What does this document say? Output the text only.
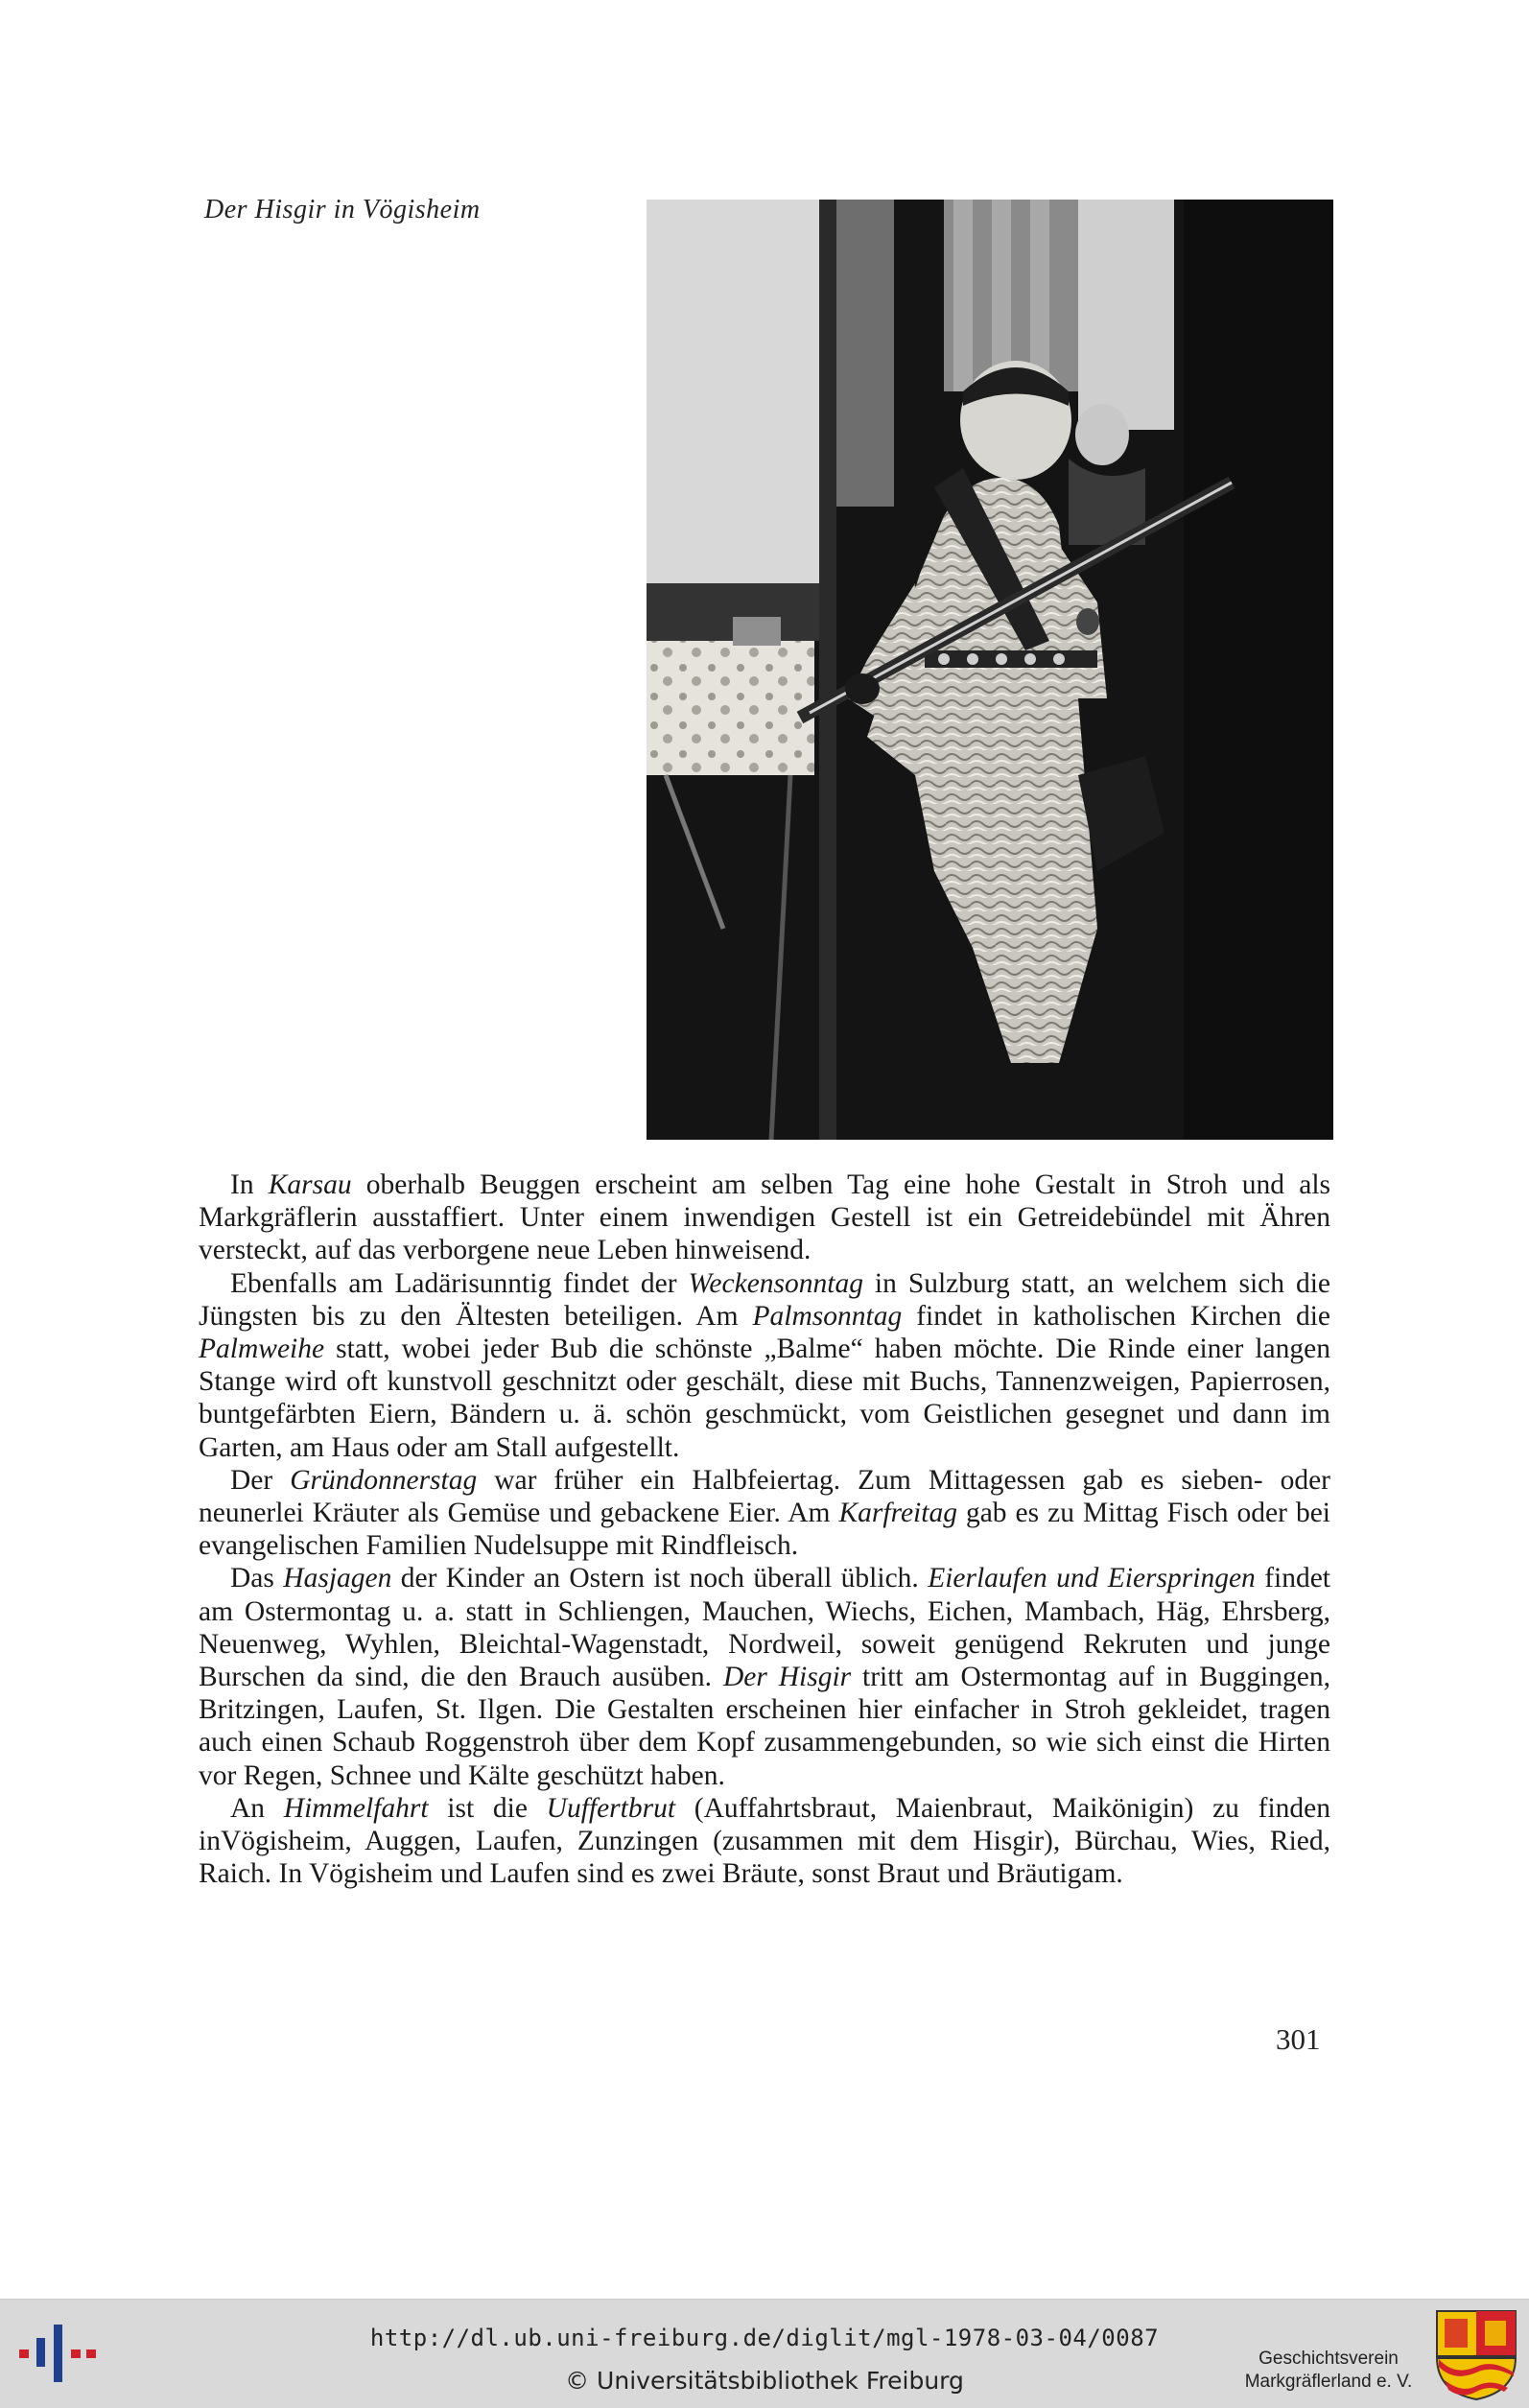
Der Hisgir in Vögisheim

In Karsau oberhalb Beuggen erscheint am selben Tag eine hohe Gestalt in Stroh und als Markgräflerin ausstaffiert. Unter einem inwendigen Gestell ist ein Getreidebündel mit Ähren versteckt, auf das verborgene neue Leben hinweisend.

Ebenfalls am Ladärisunntig findet der Weckensonntag in Sulzburg statt, an welchem sich die Jüngsten bis zu den Ältesten beteiligen. Am Palmsonntag findet in katholischen Kirchen die Palmweihe statt, wobei jeder Bub die schönste „Balme“ haben möchte. Die Rinde einer langen Stange wird oft kunstvoll geschnitzt oder geschält, diese mit Buchs, Tannenzweigen, Papierrosen, buntgefärbten Eiern, Bändern u. ä. schön geschmückt, vom Geistlichen gesegnet und dann im Garten, am Haus oder am Stall aufgestellt.

Der Gründonnerstag war früher ein Halbfeiertag. Zum Mittagessen gab es sieben- oder neunerlei Kräuter als Gemüse und gebackene Eier. Am Karfreitag gab es zu Mittag Fisch oder bei evangelischen Familien Nudelsuppe mit Rindfleisch.

Das Hasjagen der Kinder an Ostern ist noch überall üblich. Eierlaufen und Eierspringen findet am Ostermontag u. a. statt in Schliengen, Mauchen, Wiechs, Eichen, Mambach, Häg, Ehrsberg, Neuenweg, Wyhlen, Bleichtal-Wagenstadt, Nordweil, soweit genügend Rekruten und junge Burschen da sind, die den Brauch ausüben. Der Hisgir tritt am Ostermontag auf in Buggingen, Britzingen, Laufen, St. Ilgen. Die Gestalten erscheinen hier einfacher in Stroh gekleidet, tragen auch einen Schaub Roggenstroh über dem Kopf zusammengebunden, so wie sich einst die Hirten vor Regen, Schnee und Kälte geschützt haben.

An Himmelfahrt ist die Uuffertbrut (Auffahrtsbraut, Maienbraut, Maikönigin) zu finden inVögisheim, Auggen, Laufen, Zunzingen (zusammen mit dem Hisgir), Bürchau, Wies, Ried, Raich. In Vögisheim und Laufen sind es zwei Bräute, sonst Braut und Bräutigam.

301
http://dl.ub.uni-freiburg.de/diglit/mgl-1978-03-04/0087
© Universitätsbibliothek Freiburg
Geschichtsverein
Markgräflerland e. V.
